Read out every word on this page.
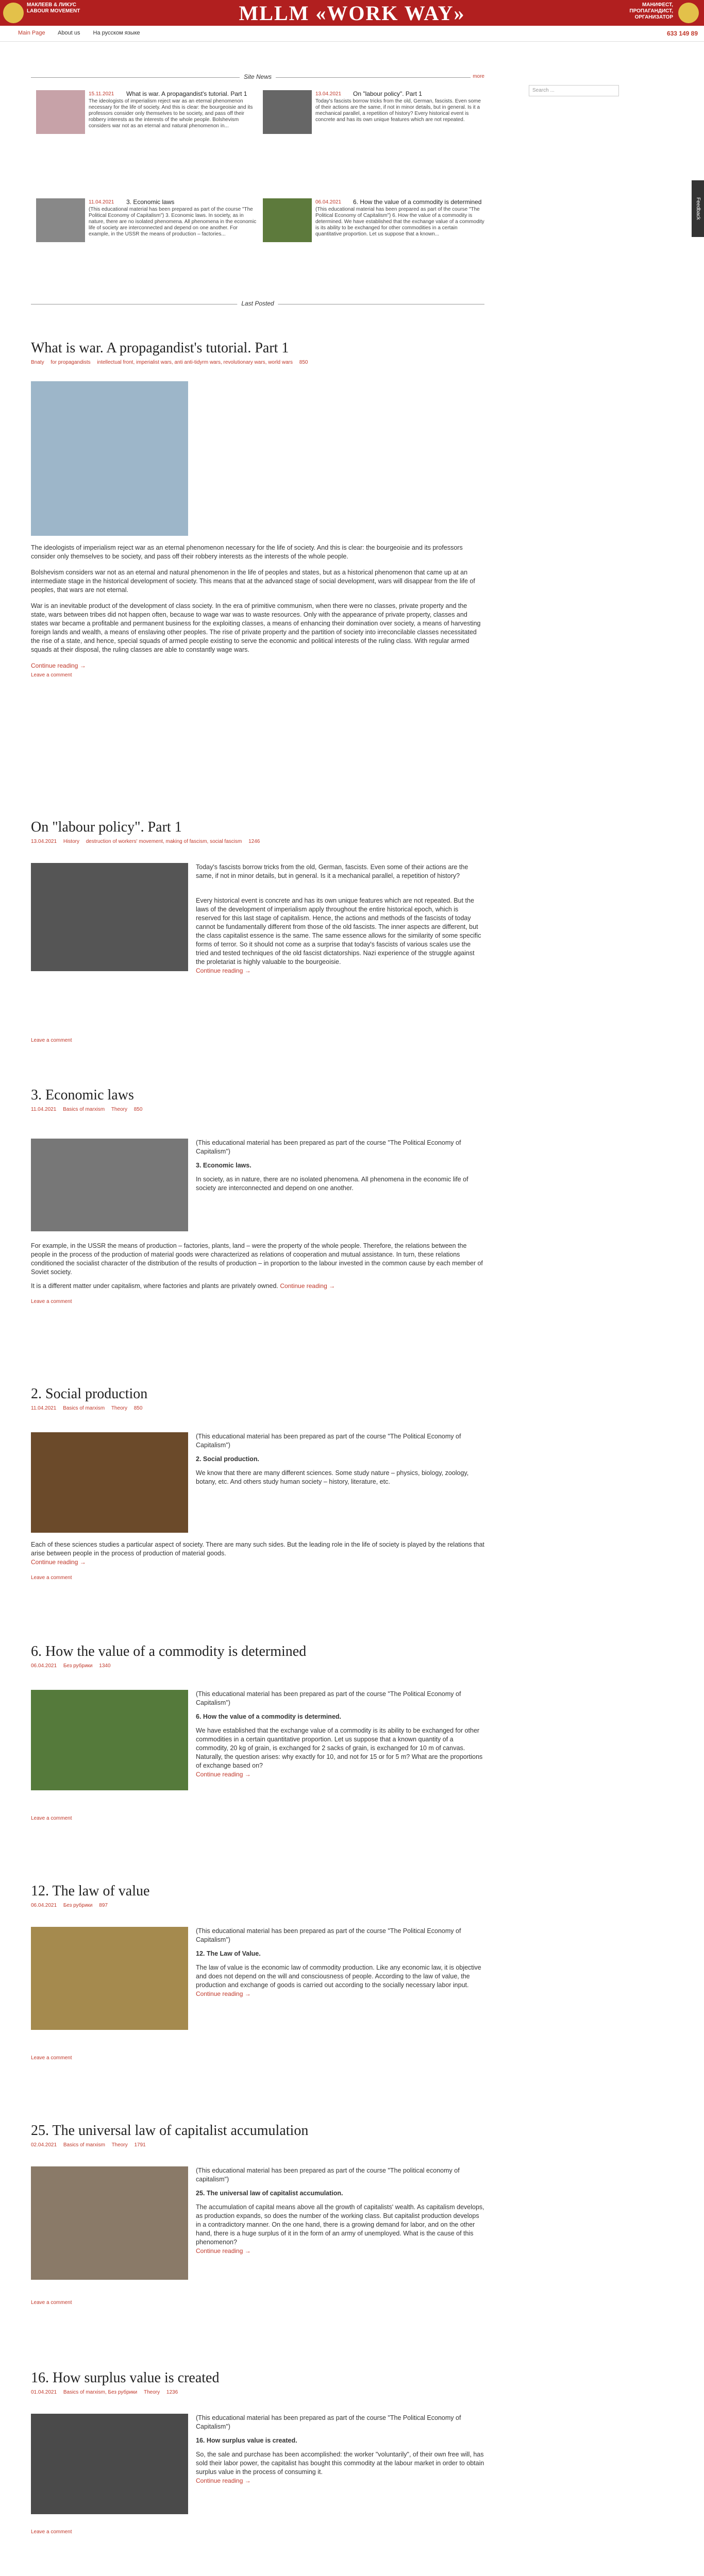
МАКЛЕЕВ & ЛИКУС
LABOUR MOVEMENT	MLLM «WORK WAY»	МАНИФЕСТ,
ПРОПАГАНДИСТ,
ОРГАНИЗАТОР
Main Page About us На русском языке	633 149 89
Search ...
Feedback
Site News	more
15.11.2021 What is war. A propagandist's tutorial. Part 1
The ideologists of imperialism reject war as an eternal phenomenon necessary for the life of society. And this is clear: the bourgeoisie and its professors consider only themselves to be society, and pass off their robbery interests as the interests of the whole people. Bolshevism considers war not as an eternal and natural phenomenon in...
13.04.2021 On "labour policy". Part 1
Today's fascists borrow tricks from the old, German, fascists. Even some of their actions are the same, if not in minor details, but in general. Is it a mechanical parallel, a repetition of history? Every historical event is concrete and has its own unique features which are not repeated.
11.04.2021 3. Economic laws
(This educational material has been prepared as part of the course "The Political Economy of Capitalism") 3. Economic laws. In society, as in nature, there are no isolated phenomena. All phenomena in the economic life of society are interconnected and depend on one another. For example, in the USSR the means of production – factories...
06.04.2021 6. How the value of a commodity is determined
(This educational material has been prepared as part of the course "The Political Economy of Capitalism") 6. How the value of a commodity is determined. We have established that the exchange value of a commodity is its ability to be exchanged for other commodities in a certain quantitative proportion. Let us suppose that a known...
Last Posted
What is war. A propagandist's tutorial. Part 1
Bnaty for propagandists intellectual front, imperialist wars, anti anti-tidyrm wars, revolutionary wars, world wars 850

The ideologists of imperialism reject war as an eternal phenomenon necessary for the life of society. And this is clear: the bourgeoisie and its professors consider only themselves to be society, and pass off their robbery interests as the interests of the whole people.

Bolshevism considers war not as an eternal and natural phenomenon in the life of peoples and states, but as a historical phenomenon that came up at an intermediate stage in the historical development of society. This means that at the advanced stage of social development, wars will disappear from the life of peoples, that wars are not eternal.

War is an inevitable product of the development of class society. In the era of primitive communism, when there were no classes, private property and the state, wars between tribes did not happen often, because to wage war was to waste resources. Only with the appearance of private property, classes and states war became a profitable and permanent business for the exploiting classes, a means of enhancing their domination over society, a means of harvesting foreign lands and wealth, a means of enslaving other peoples. The rise of private property and the partition of society into irreconcilable classes necessitated the rise of a state, and hence, special squads of armed people existing to serve the economic and political interests of the ruling class. With regular armed squads at their disposal, the ruling classes are able to constantly wage wars.

Continue reading →

Leave a comment

On "labour policy". Part 1
13.04.2021 History destruction of workers' movement, making of fascism, social fascism 1246

Today's fascists borrow tricks from the old, German, fascists. Even some of their actions are the same, if not in minor details, but in general. Is it a mechanical parallel, a repetition of history?

Every historical event is concrete and has its own unique features which are not repeated. But the laws of the development of imperialism apply throughout the entire historical epoch, which is reserved for this last stage of capitalism. Hence, the actions and methods of the fascists of today cannot be fundamentally different from those of the old fascists. The inner aspects are different, but the class capitalist essence is the same. The same essence allows for the similarity of some specific forms of terror. So it should not come as a surprise that today's fascists of various scales use the tried and tested techniques of the old fascist dictatorships. Nazi experience of the struggle against the proletariat is highly valuable to the bourgeoisie.

Continue reading →

Leave a comment

3. Economic laws
11.04.2021 Basics of marxism Theory 850

(This educational material has been prepared as part of the course "The Political Economy of Capitalism")

3. Economic laws.

In society, as in nature, there are no isolated phenomena. All phenomena in the economic life of society are interconnected and depend on one another.

For example, in the USSR the means of production – factories, plants, land – were the property of the whole people. Therefore, the relations between the people in the process of the production of material goods were characterized as relations of cooperation and mutual assistance. In turn, these relations conditioned the socialist character of the distribution of the results of production – in proportion to the labour invested in the common cause by each member of Soviet society.

It is a different matter under capitalism, where factories and plants are privately owned. Continue reading →

Leave a comment

2. Social production
11.04.2021 Basics of marxism Theory 850

(This educational material has been prepared as part of the course "The Political Economy of Capitalism")

2. Social production.

We know that there are many different sciences. Some study nature – physics, biology, zoology, botany, etc. And others study human society – history, literature, etc.

Each of these sciences studies a particular aspect of society. There are many such sides. But the leading role in the life of society is played by the relations that arise between people in the process of production of material goods.

Continue reading →

Leave a comment

6. How the value of a commodity is determined
06.04.2021 Без рубрики 1340

(This educational material has been prepared as part of the course "The Political Economy of Capitalism")

6. How the value of a commodity is determined.

We have established that the exchange value of a commodity is its ability to be exchanged for other commodities in a certain quantitative proportion. Let us suppose that a known quantity of a commodity, 20 kg of grain, is exchanged for 2 sacks of grain, is exchanged for 10 m of canvas. Naturally, the question arises: why exactly for 10, and not for 15 or for 5 m? What are the proportions of exchange based on?

Continue reading →

Leave a comment

12. The law of value
06.04.2021 Без рубрики 897

(This educational material has been prepared as part of the course "The Political Economy of Capitalism")

12. The Law of Value.

The law of value is the economic law of commodity production. Like any economic law, it is objective and does not depend on the will and consciousness of people. According to the law of value, the production and exchange of goods is carried out according to the socially necessary labor input.

Continue reading →

Leave a comment

25. The universal law of capitalist accumulation
02.04.2021 Basics of marxism Theory 1791

(This educational material has been prepared as part of the course "The political economy of capitalism")

25. The universal law of capitalist accumulation.

The accumulation of capital means above all the growth of capitalists' wealth. As capitalism develops, as production expands, so does the number of the working class. But capitalist production develops in a contradictory manner. On the one hand, there is a growing demand for labor, and on the other hand, there is a huge surplus of it in the form of an army of unemployed. What is the cause of this phenomenon?

Continue reading →

Leave a comment

16. How surplus value is created
01.04.2021 Basics of marxism, Без рубрики Theory 1236

(This educational material has been prepared as part of the course "The Political Economy of Capitalism")

16. How surplus value is created.

So, the sale and purchase has been accomplished: the worker "voluntarily", of their own free will, has sold their labor power, the capitalist has bought this commodity at the labour market in order to obtain surplus value in the process of consuming it.

Continue reading →

Leave a comment
